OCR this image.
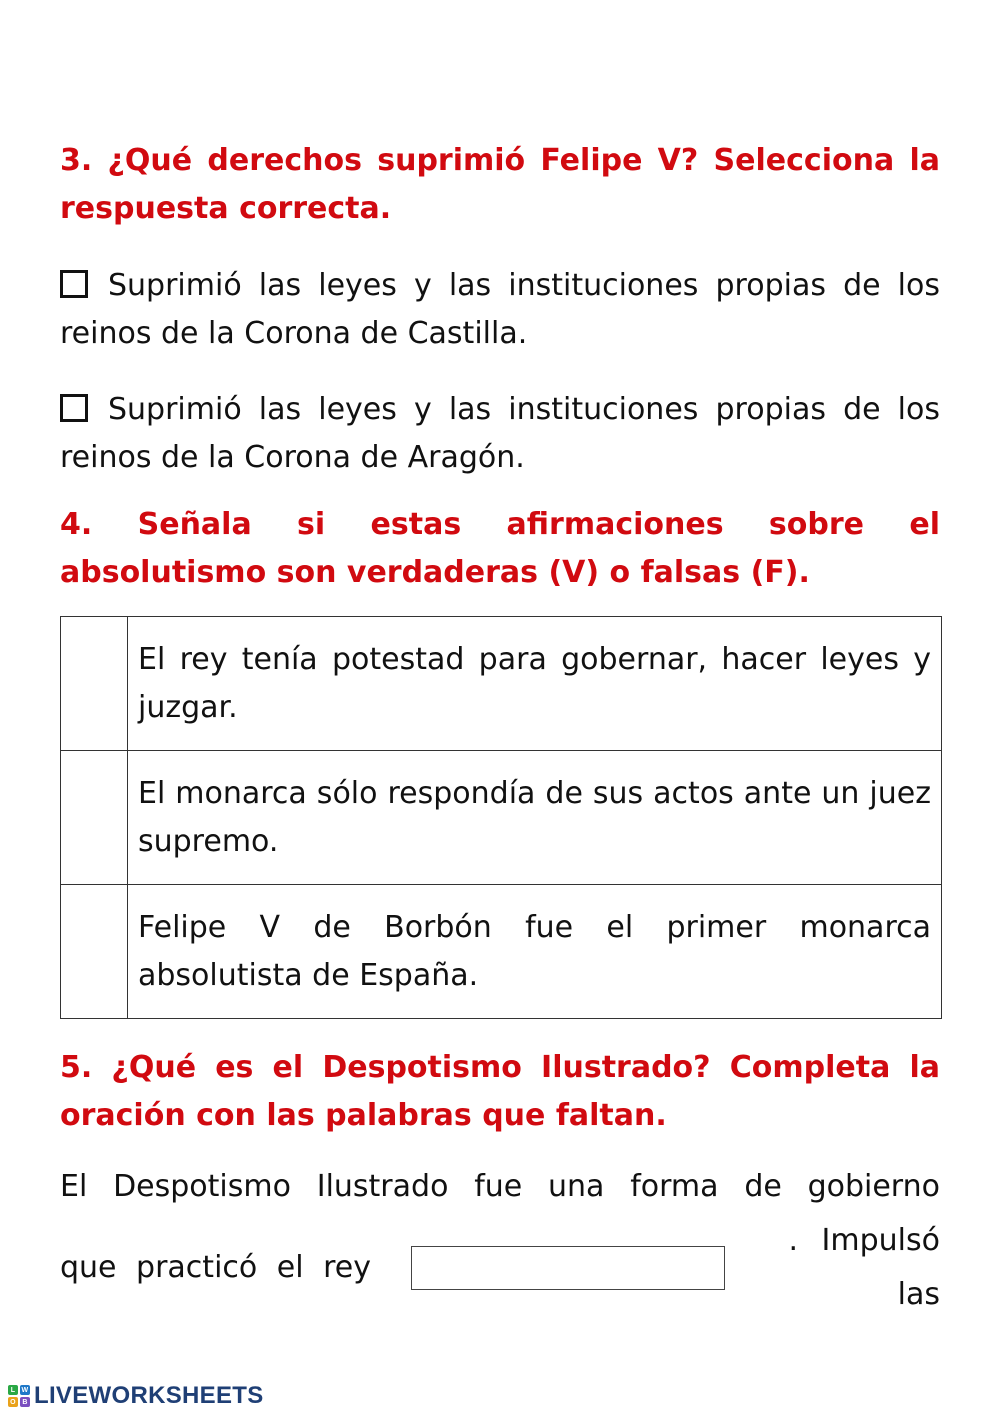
3. ¿Qué derechos suprimió Felipe V? Selecciona la respuesta correcta.

Suprimió las leyes y las instituciones propias de los reinos de la Corona de Castilla.
Suprimió las leyes y las instituciones propias de los reinos de la Corona de Aragón.

4. Señala si estas afirmaciones sobre el absolutismo son verdaderas (V) o falsas (F).

	El rey tenía potestad para gobernar, hacer leyes y juzgar.
	El monarca sólo respondía de sus actos ante un juez supremo.
	Felipe V de Borbón fue el primer monarca absolutista de España.

5. ¿Qué es el Despotismo Ilustrado? Completa la oración con las palabras que faltan.

El Despotismo Ilustrado fue una forma de gobierno
que practicó el rey
. Impulsó las
L W
O B LIVEWORKSHEETS
